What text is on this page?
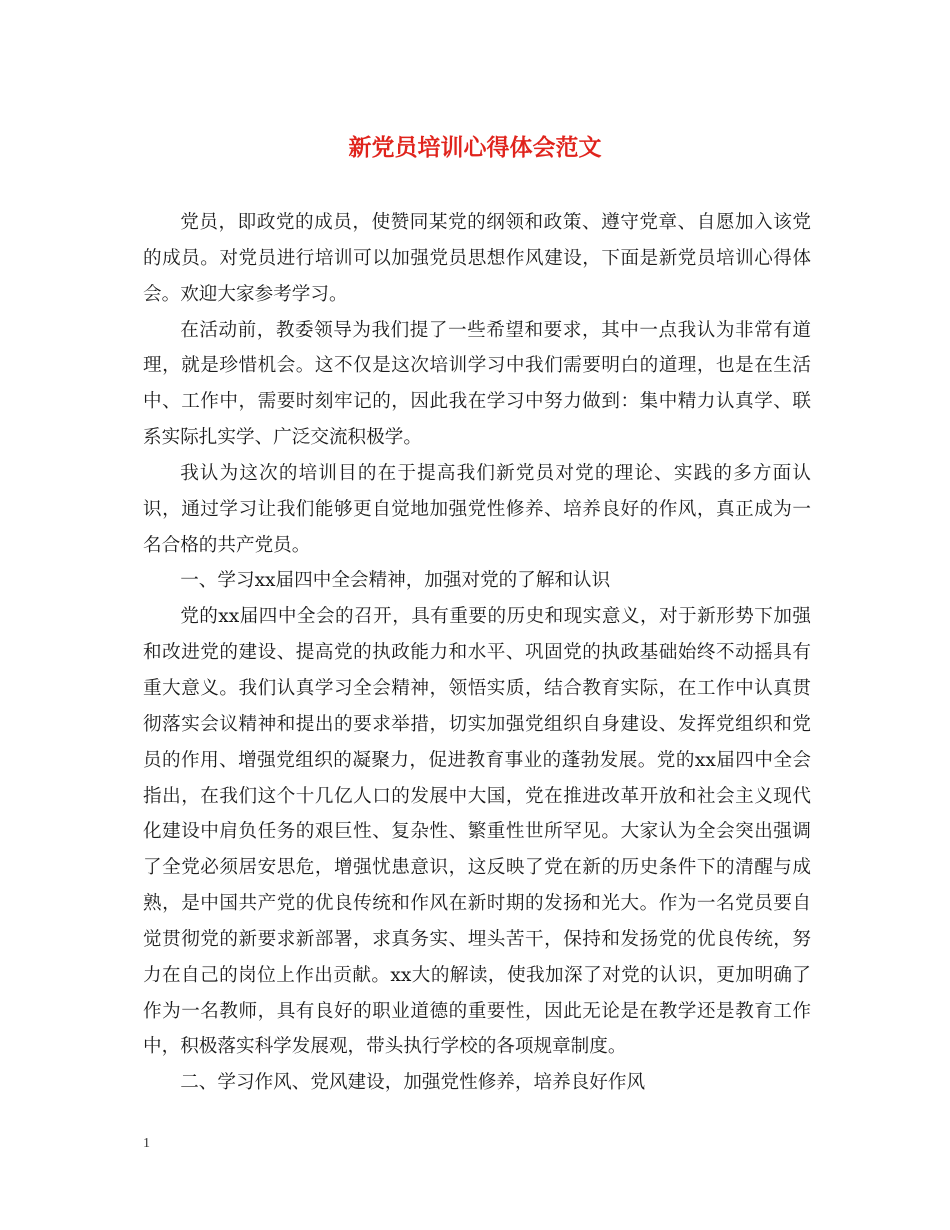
新党员培训心得体会范文

党员，即政党的成员，使赞同某党的纲领和政策、遵守党章、自愿加入该党的成员。对党员进行培训可以加强党员思想作风建设，下面是新党员培训心得体会。欢迎大家参考学习。

在活动前，教委领导为我们提了一些希望和要求，其中一点我认为非常有道理，就是珍惜机会。这不仅是这次培训学习中我们需要明白的道理，也是在生活中、工作中，需要时刻牢记的，因此我在学习中努力做到：集中精力认真学、联系实际扎实学、广泛交流积极学。

我认为这次的培训目的在于提高我们新党员对党的理论、实践的多方面认识，通过学习让我们能够更自觉地加强党性修养、培养良好的作风，真正成为一名合格的共产党员。

一、学习xx届四中全会精神，加强对党的了解和认识

党的xx届四中全会的召开，具有重要的历史和现实意义，对于新形势下加强和改进党的建设、提高党的执政能力和水平、巩固党的执政基础始终不动摇具有重大意义。我们认真学习全会精神，领悟实质，结合教育实际，在工作中认真贯彻落实会议精神和提出的要求举措，切实加强党组织自身建设、发挥党组织和党员的作用、增强党组织的凝聚力，促进教育事业的蓬勃发展。党的xx届四中全会指出，在我们这个十几亿人口的发展中大国，党在推进改革开放和社会主义现代化建设中肩负任务的艰巨性、复杂性、繁重性世所罕见。大家认为全会突出强调了全党必须居安思危，增强忧患意识，这反映了党在新的历史条件下的清醒与成熟，是中国共产党的优良传统和作风在新时期的发扬和光大。作为一名党员要自觉贯彻党的新要求新部署，求真务实、埋头苦干，保持和发扬党的优良传统，努力在自己的岗位上作出贡献。xx大的解读，使我加深了对党的认识，更加明确了作为一名教师，具有良好的职业道德的重要性，因此无论是在教学还是教育工作中，积极落实科学发展观，带头执行学校的各项规章制度。

二、学习作风、党风建设，加强党性修养，培养良好作风

1
